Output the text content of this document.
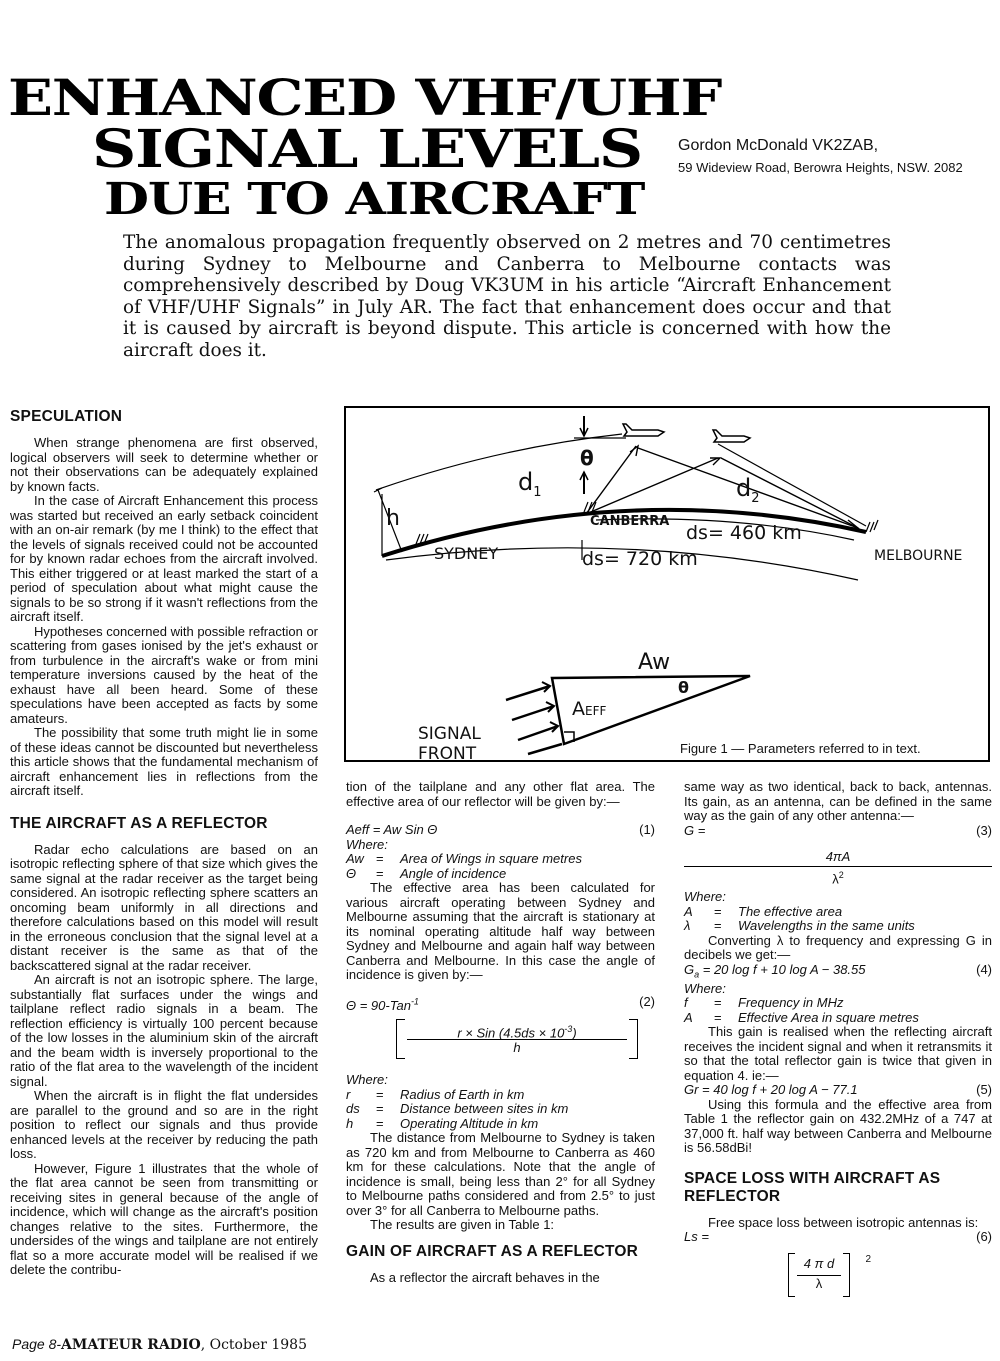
ENHANCED VHF/UHF
SIGNAL LEVELS
DUE TO AIRCRAFT
Gordon McDonald VK2ZAB,
59 Wideview Road, Berowra Heights, NSW. 2082
The anomalous propagation frequently observed on 2 metres and 70 centimetres during Sydney to Melbourne and Canberra to Melbourne contacts was comprehensively described by Doug VK3UM in his article “Aircraft Enhancement of VHF/UHF Signals” in July AR. The fact that enhancement does occur and that it is caused by aircraft is beyond dispute. This article is concerned with how the aircraft does it.
SPECULATION

When strange phenomena are first observed, logical observers will seek to determine whether or not their observations can be adequately explained by known facts.

In the case of Aircraft Enhancement this process was started but received an early setback coincident with an on-air remark (by me I think) to the effect that the levels of signals received could not be accounted for by known radar echoes from the aircraft involved. This either triggered or at least marked the start of a period of speculation about what might cause the signals to be so strong if it wasn't reflections from the aircraft itself.

Hypotheses concerned with possible refraction or scattering from gases ionised by the jet's exhaust or from turbulence in the aircraft's wake or from mini temperature inversions caused by the heat of the exhaust have all been heard. Some of these speculations have been accepted as facts by some amateurs.

The possibility that some truth might lie in some of these ideas cannot be discounted but nevertheless this article shows that the fundamental mechanism of aircraft enhancement lies in reflections from the aircraft itself.

THE AIRCRAFT AS A REFLECTOR

Radar echo calculations are based on an isotropic reflecting sphere of that size which gives the same signal at the radar receiver as the target being considered. An isotropic reflecting sphere scatters an oncoming beam uniformly in all directions and therefore calculations based on this model will result in the erroneous conclusion that the signal level at a distant receiver is the same as that of the backscattered signal at the radar receiver.

An aircraft is not an isotropic sphere. The large, substantially flat surfaces under the wings and tailplane reflect radio signals in a beam. The reflection efficiency is virtually 100 percent because of the low losses in the aluminium skin of the aircraft and the beam width is inversely proportional to the ratio of the flat area to the wavelength of the incident signal.

When the aircraft is in flight the flat undersides are parallel to the ground and so are in the right position to reflect our signals and thus provide enhanced levels at the receiver by reducing the path loss.

However, Figure 1 illustrates that the whole of the flat area cannot be seen from transmitting or receiving sites in general because of the angle of incidence, which will change as the aircraft's position changes relative to the sites. Furthermore, the undersides of the wings and tailplane are not entirely flat so a more accurate model will be realised if we delete the contribu-

$d_1$	$d_2$
h
θ
SYDNEY
CANBERRA
MELBOURNE
ds= 720 km
ds= 460 km
Aw
θ
AEFF
SIGNAL
FRONT	Figure 1 — Parameters referred to in text.

tion of the tailplane and any other flat area. The effective area of our reflector will be given by:—

Aeff = Aw Sin Θ	(1)
Where:
Aw =	Area of Wings in square metres
Θ	=	Angle of incidence

The effective area has been calculated for various aircraft operating between Sydney and Melbourne assuming that the aircraft is stationary at its nominal operating altitude half way between Sydney and Melbourne and again half way between Canberra and Melbourne. In this case the angle of incidence is given by:—

Θ = 90-Tan$^{-1}$	(2)
r × Sin $(4.5ds \times 10^{-3})$
h
Where:
r	=	Radius of Earth in km
ds	=	Distance between sites in km
h	=	Operating Altitude in km

The distance from Melbourne to Sydney is taken as 720 km and from Melbourne to Canberra as 460 km for these calculations. Note that the angle of incidence is small, being less than 2° for all Sydney to Melbourne paths considered and from 2.5° to just over 3° for all Canberra to Melbourne paths.

The results are given in Table 1:

GAIN OF AIRCRAFT AS A REFLECTOR

As a reflector the aircraft behaves in the

same way as two identical, back to back, antennas. Its gain, as an antenna, can be defined in the same way as the gain of any other antenna:—

G =	(3)
4πA
$\lambda^2$
Where:
A	=	The effective area
λ	=	Wavelengths in the same units

Converting λ to frequency and expressing G in decibels we get:—

$G_a = 20$ log f + 10 log A − 38.55	(4)
Where:
f	=	Frequency in MHz
A	=	Effective Area in square metres

This gain is realised when the reflecting aircraft receives the incident signal and when it retransmits it so that the total reflector gain is twice that given in equation 4. ie:—

Gr = 40 log f + 20 log A − 77.1	(5)

Using this formula and the effective area from Table 1 the reflector gain on 432.2MHz of a 747 at 37,000 ft. half way between Canberra and Melbourne is 56.58dBi!

SPACE LOSS WITH AIRCRAFT AS REFLECTOR

Free space loss between isotropic antennas is:

Ls =	(6)
4 π d
λ
2
Page 8-AMATEUR RADIO, October 1985
